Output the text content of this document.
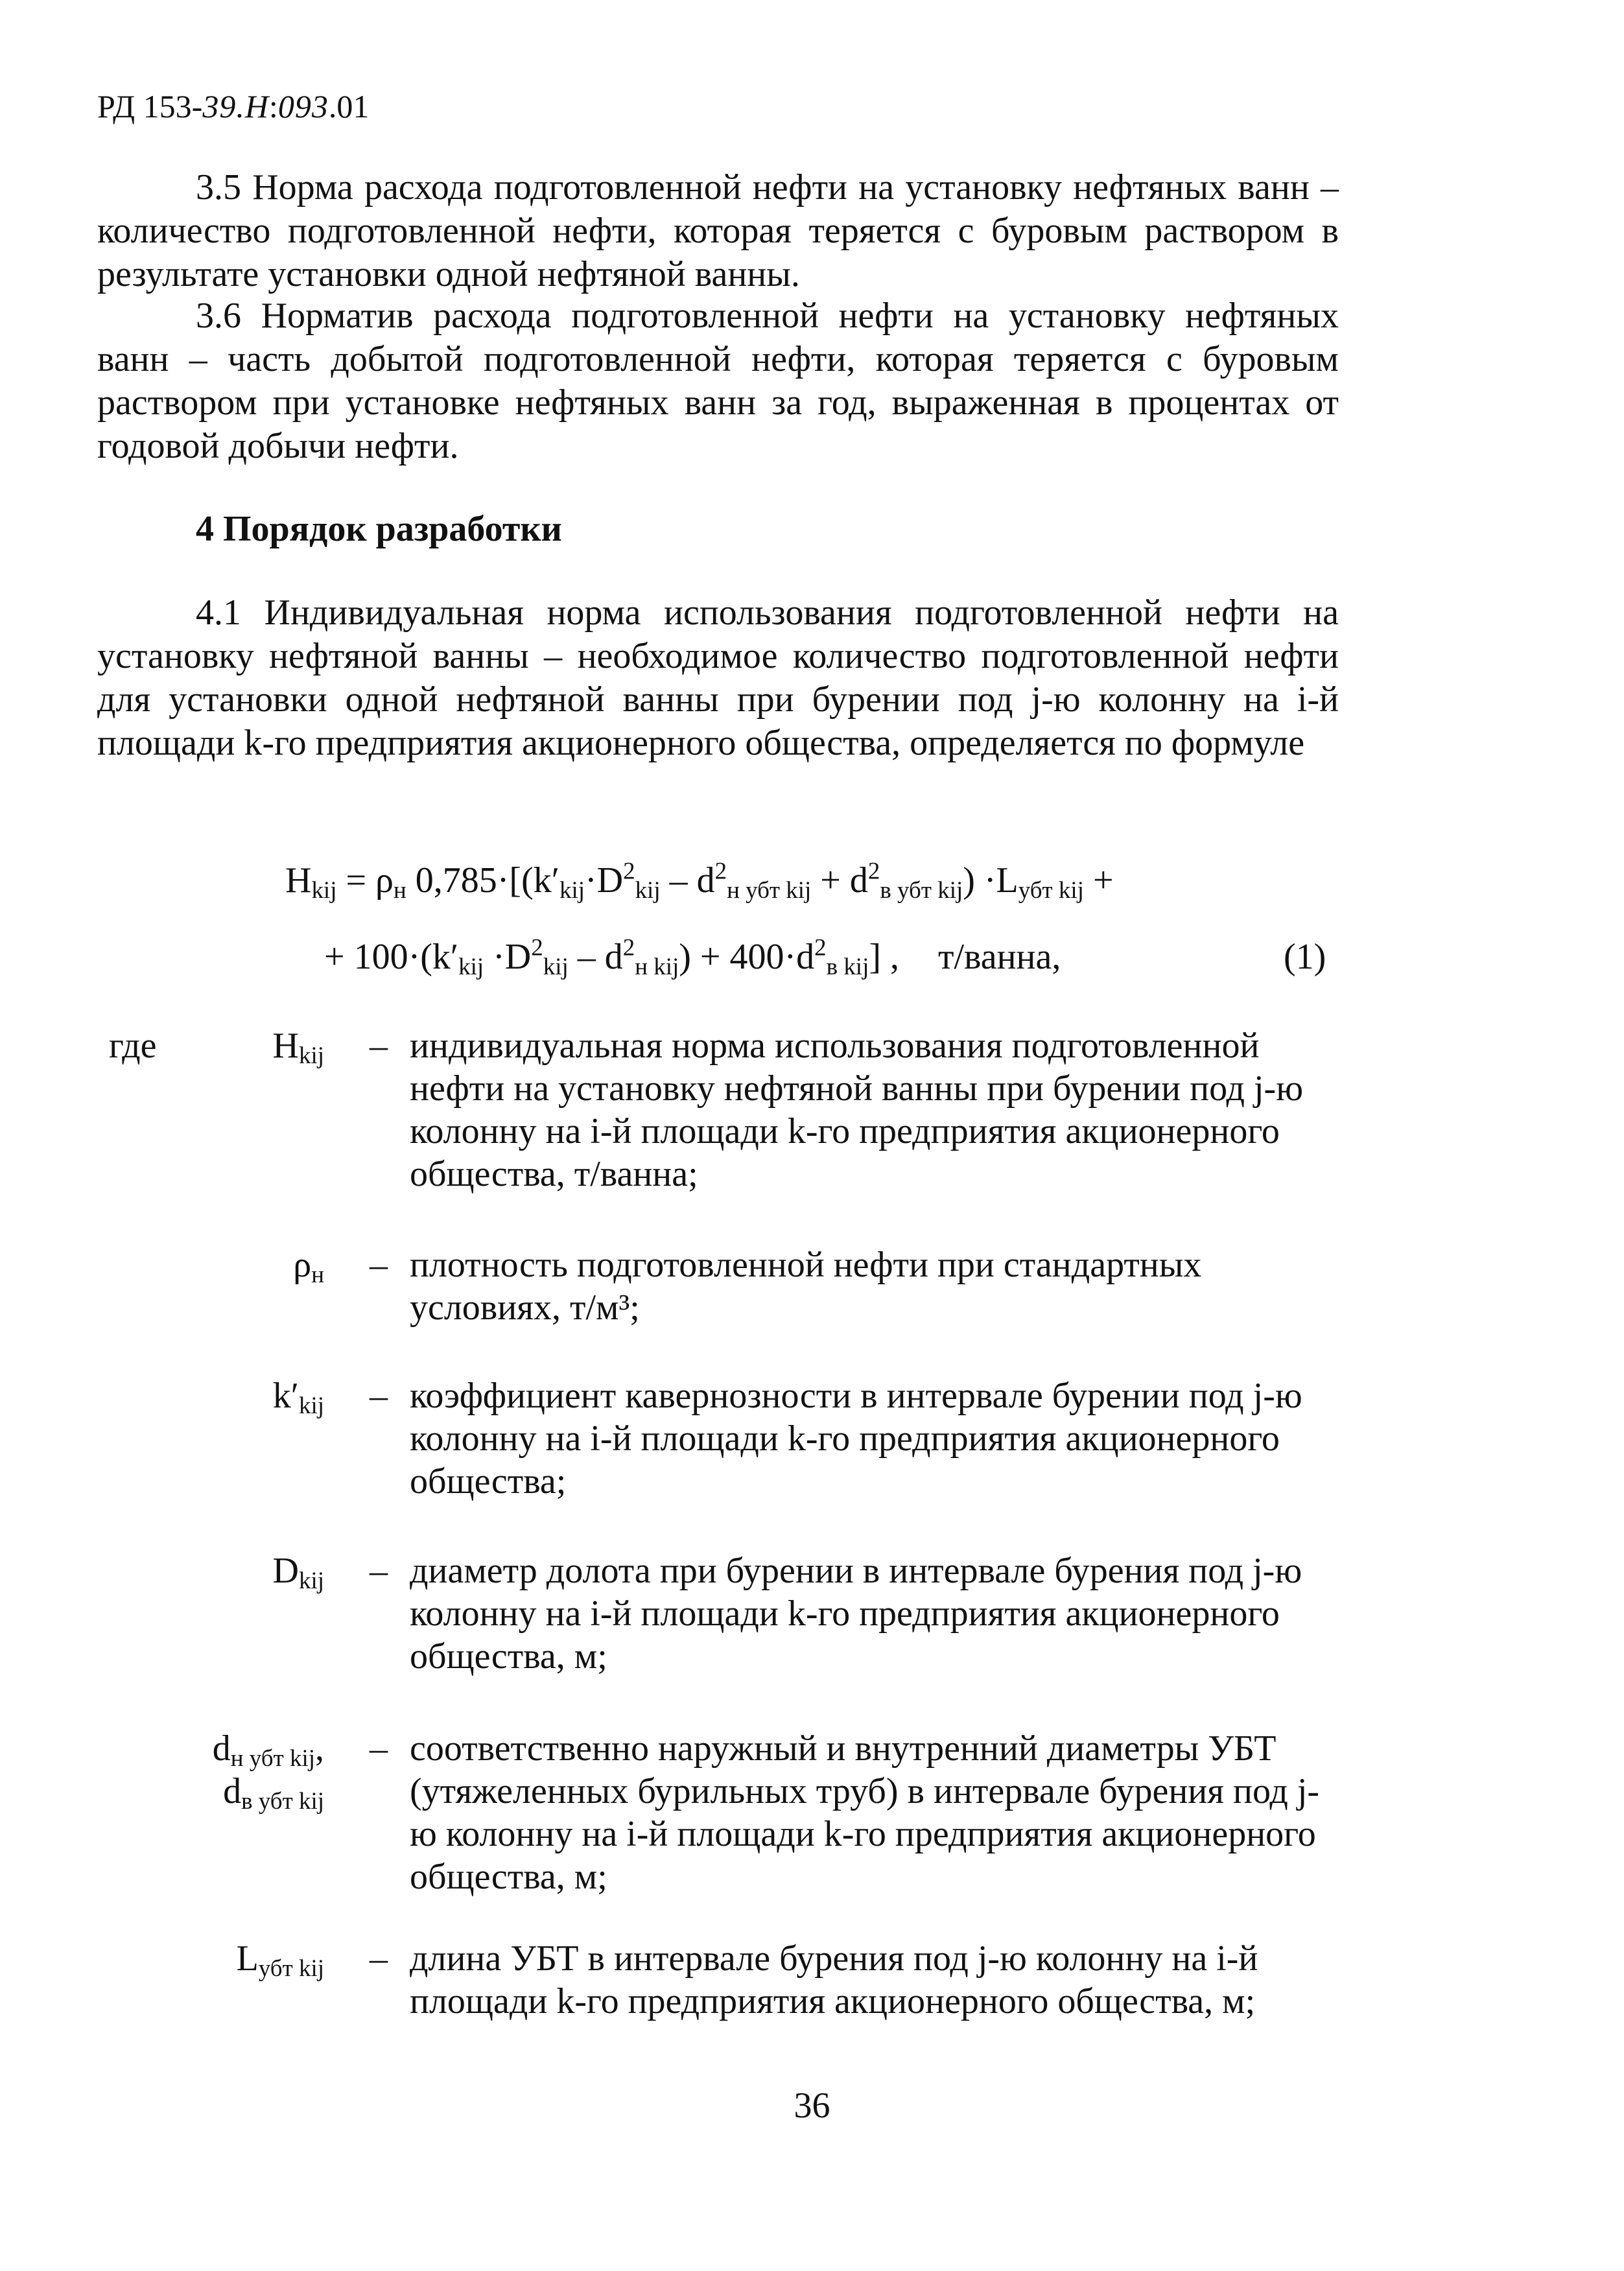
РД 153-39.Н:093.01

3.5 Норма расхода подготовленной нефти на установку нефтяных ванн – количество подготовленной нефти, которая теряется с буровым раствором в результате установки одной нефтяной ванны.

3.6 Норматив расхода подготовленной нефти на установку нефтяных ванн – часть добытой подготовленной нефти, которая теряется с буровым раствором при установке нефтяных ванн за год, выраженная в процентах от годовой добычи нефти.

4 Порядок разработки

4.1 Индивидуальная норма использования подготовленной нефти на установку нефтяной ванны – необходимое количество подготовленной нефти для установки одной нефтяной ванны при бурении под j-ю колонну на i-й площади k-го предприятия акционерного общества, определяется по формуле

$H_{kij} = \rho_н$ $0,785\cdot[(k'_{kij}\cdot D^2_{kij} - d^2_{н убт kij} + d^2_{в убт kij}) \cdot L_{убт kij}$ +
+ $100\cdot(k'_{kij} \cdot D^2_{kij} - d^2_{н kij}) + 400\cdot d^2_{в kij}$] , т/ванна,	(1)
где	$H_{kij}$ – индивидуальная норма использования подготовленной нефти на установку нефтяной ванны при бурении под j-ю колонну на i-й площади k-го предприятия акционерного общества, т/ванна;

$\rho_н$ – плотность подготовленной нефти при стандартных условиях, т/м³;

$k'_{kij}$ – коэффициент кавернозности в интервале бурении под j-ю колонну на i-й площади k-го предприятия акционерного общества;

$D_{kij}$ – диаметр долота при бурении в интервале бурения под j-ю колонну на i-й площади k-го предприятия акционерного общества, м;

$d_{н убт kij}$,
$d_{в убт kij}$
– соответственно наружный и внутренний диаметры УБТ (утяжеленных бурильных труб) в интервале бурения под j-ю колонну на i-й площади k-го предприятия акционерного общества, м;

$L_{убт kij}$ – длина УБТ в интервале бурения под j-ю колонну на i-й площади k-го предприятия акционерного общества, м;

36
